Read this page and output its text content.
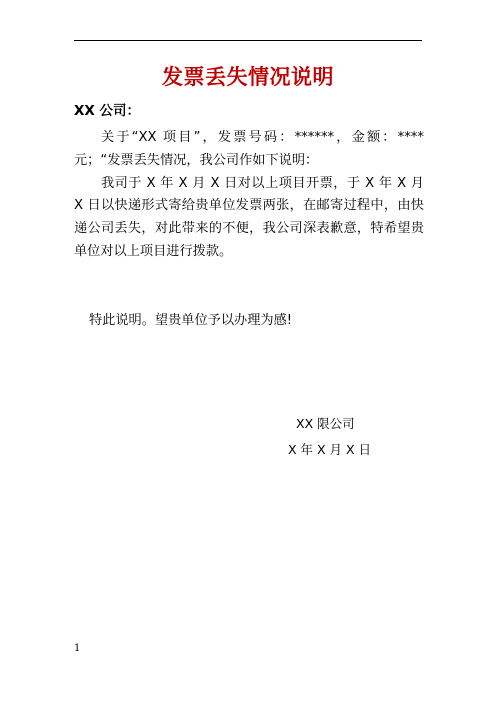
发票丢失情况说明
XX 公司：

关于“XX 项目”，发票号码：******，金额：****元；“发票丢失情况，我公司作如下说明：

我司于 X 年 X 月 X 日对以上项目开票，于 X 年 X 月 X 日以快递形式寄给贵单位发票两张，在邮寄过程中，由快递公司丢失，对此带来的不便，我公司深表歉意，特希望贵单位对以上项目进行拨款。

特此说明。望贵单位予以办理为感!
XX 限公司
X 年 X 月 X 日
1
